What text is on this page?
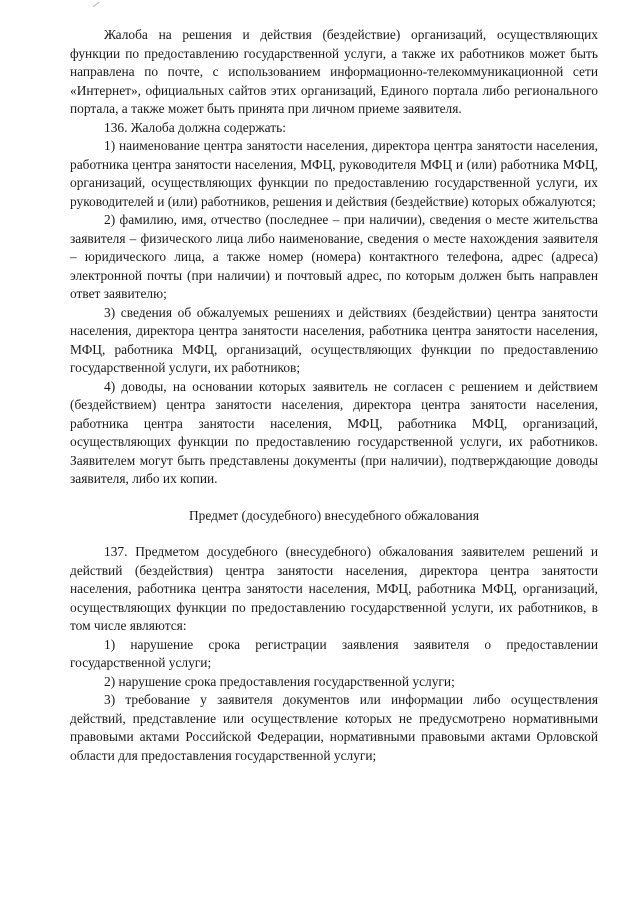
Жалоба на решения и действия (бездействие) организаций, осуществляющих функции по предоставлению государственной услуги, а также их работников может быть направлена по почте, с использованием информационно-телекоммуникационной сети «Интернет», официальных сайтов этих организаций, Единого портала либо регионального портала, а также может быть принята при личном приеме заявителя.

136. Жалоба должна содержать:

1) наименование центра занятости населения, директора центра занятости населения, работника центра занятости населения, МФЦ, руководителя МФЦ и (или) работника МФЦ, организаций, осуществляющих функции по предоставлению государственной услуги, их руководителей и (или) работников, решения и действия (бездействие) которых обжалуются;

2) фамилию, имя, отчество (последнее – при наличии), сведения о месте жительства заявителя – физического лица либо наименование, сведения о месте нахождения заявителя – юридического лица, а также номер (номера) контактного телефона, адрес (адреса) электронной почты (при наличии) и почтовый адрес, по которым должен быть направлен ответ заявителю;

3) сведения об обжалуемых решениях и действиях (бездействии) центра занятости населения, директора центра занятости населения, работника центра занятости населения, МФЦ, работника МФЦ, организаций, осуществляющих функции по предоставлению государственной услуги, их работников;

4) доводы, на основании которых заявитель не согласен с решением и действием (бездействием) центра занятости населения, директора центра занятости населения, работника центра занятости населения, МФЦ, работника МФЦ, организаций, осуществляющих функции по предоставлению государственной услуги, их работников. Заявителем могут быть представлены документы (при наличии), подтверждающие доводы заявителя, либо их копии.

Предмет (досудебного) внесудебного обжалования

137. Предметом досудебного (внесудебного) обжалования заявителем решений и действий (бездействия) центра занятости населения, директора центра занятости населения, работника центра занятости населения, МФЦ, работника МФЦ, организаций, осуществляющих функции по предоставлению государственной услуги, их работников, в том числе являются:

1) нарушение срока регистрации заявления заявителя о предоставлении государственной услуги;

2) нарушение срока предоставления государственной услуги;

3) требование у заявителя документов или информации либо осуществления действий, представление или осуществление которых не предусмотрено нормативными правовыми актами Российской Федерации, нормативными правовыми актами Орловской области для предоставления государственной услуги;
